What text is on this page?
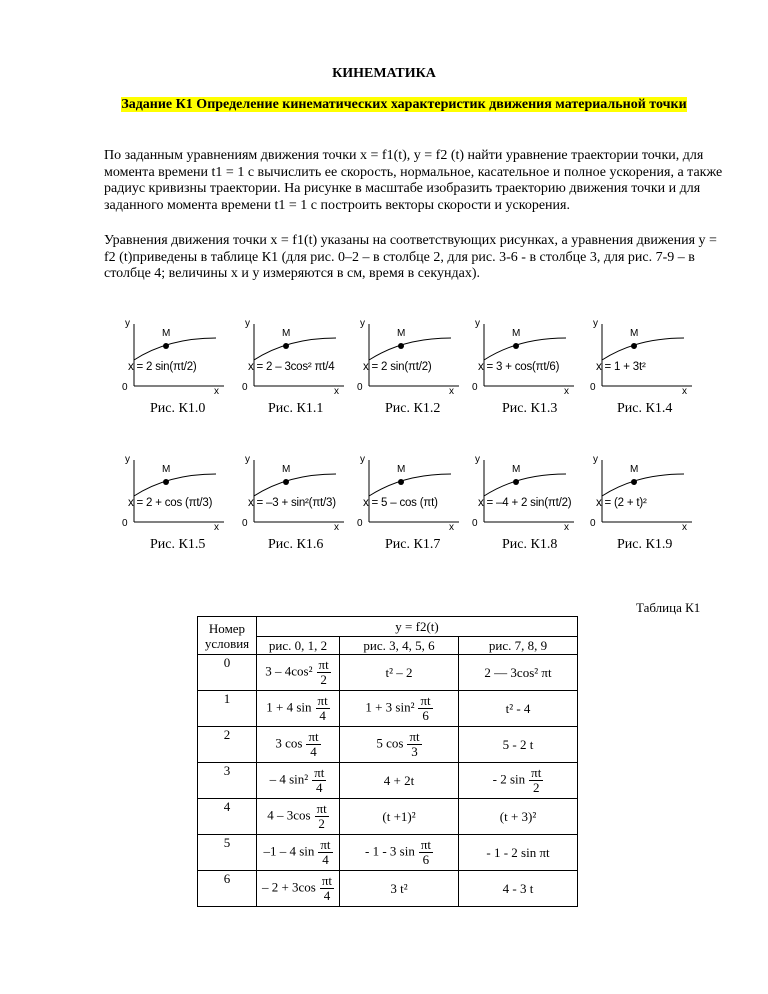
КИНЕМАТИКА
Задание К1 Определение кинематических характеристик движения материальной точки

По заданным уравнениям движения точки x = f1(t), y = f2 (t) найти уравнение траектории точки, для момента времени t1 = 1 с вычислить ее скорость, нормальное, касательное и полное ускорения, а также радиус кривизны траектории. На рисунке в масштабе изобразить траекторию движения точки и для заданного момента времени t1 = 1 с построить векторы скорости и ускорения.

Уравнения движения точки x = f1(t) указаны на соответствующих рисунках, а уравнения движения y = f2 (t)приведены в таблице К1 (для рис. 0–2 – в столбце 2, для рис. 3-6 - в столбце 3, для рис. 7-9 – в столбце 4; величины x и y измеряются в см, время в секундах).

y
x
0
M
x = 2 sin(πt/2)
Рис. К1.0
y
x
0
M
x = 2 – 3cos² πt/4
Рис. К1.1
y
x
0
M
x = 2 sin(πt/2)
Рис. К1.2
y
x
0
M
x = 3 + cos(πt/6)
Рис. К1.3
y
x
0
M
x = 1 + 3t²
Рис. К1.4
y
x
0
M
x = 2 + cos (πt/3)
Рис. К1.5
y
x
0
M
x = –3 + sin²(πt/3)
Рис. К1.6
y
x
0
M
x = 5 – cos (πt)
Рис. К1.7
y
x
0
M
x = –4 + 2 sin(πt/2)
Рис. К1.8
y
x
0
M
x = (2 + t)²
Рис. К1.9
Таблица К1
Номер условия	y = f2(t)		
	рис. 0, 1, 2	рис. 3, 4, 5, 6	рис. 7, 8, 9
0	$3 - 4\cos^2 \frac{\pi t}{2}$	t² – 2	2 — 3cos² πt
1	1 + 4 $\sin \frac{\pi t}{4}$	1 + 3 $\sin^2 \frac{\pi t}{6}$	t² - 4
2	3 $\cos \frac{\pi t}{4}$	5 $\cos \frac{\pi t}{3}$	5 - 2 t
3	– 4 $\sin^2 \frac{\pi t}{4}$	4 + 2t	- 2 $\sin \frac{\pi t}{2}$

4	$4 - 3\cos \frac{\pi t}{2}$	(t +1)²	(t + 3)²
5	–1 – 4 $\sin \frac{\pi t}{4}$	- 1 - 3 $\sin \frac{\pi t}{6}$	- 1 - 2 sin πt
6	– $2 + 3\cos \frac{\pi t}{4}$	3 t²	4 - 3 t
